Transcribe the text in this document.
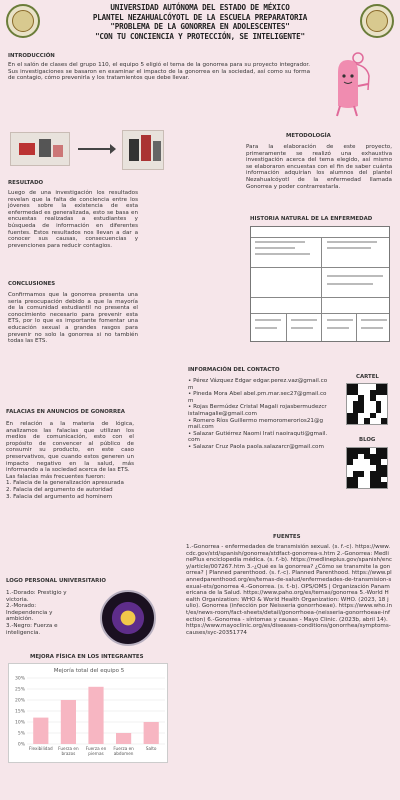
UNIVERSIDAD AUTÓNOMA DEL ESTADO DE MÉXICO
PLANTEL NEZAHUALCÓYOTL DE LA ESCUELA PREPARATORIA
"PROBLEMA DE LA GONORREA EN ADOLESCENTES"
"CON TU CONCIENCIA Y PROTECCIÓN, SE INTELIGENTE"
INTRODUCCIÓN
En el salón de clases del grupo 110, el equipo 5 eligió el tema de la gonorrea para su proyecto integrador. Sus investigaciones se basaron en examinar el impacto de la gonorrea en la sociedad, así como su forma de contagio, cómo prevenirla y los tratamientos que debe llevar.
METODOLOGÍA
Para la elaboración de este proyecto, primeramente se realizó una exhaustiva investigación acerca del tema elegido, así mismo se elaboraron encuestas con el fin de saber cuánta información adquirían los alumnos del plantel Nezahualcóyotl de la enfermedad llamada Gonorrea y poder contrarrestarla.
RESULTADO
Luego de una investigación los resultados revelan que la falta de conciencia entre los jóvenes sobre la existencia de esta enfermedad es generalizada, esto se basa en encuestas realizadas a estudiantes y búsqueda de información en diferentes fuentes. Estos resultados nos llevan a dar a conocer sus causas, consecuencias y prevenciones para reducir contagios.
HISTORIA NATURAL DE LA ENFERMEDAD
CONCLUSIONES
Confirmamos que la gonorrea presenta una seria preocupación debido a que la mayoría de la comunidad estudiantil no presenta el conocimiento necesario para prevenir esta ETS, por lo que es importante fomentar una educación sexual a grandes rasgos para prevenir no solo la gonorrea si no también todas las ETS.
INFORMACIÓN DEL CONTACTO
• Pérez Vázquez Edgar edgar.perez.vaz@gmail.com
• Pineda Mora Abel abel.pm.mar.sec27@gmail.com
• Rojas Bermúdez Cristal Magali rojasbermudezcristalmagalie@gmail.com
• Romero Ríos Guillermo memoromerorios21@gmail.com
• Salazar Gutiérrez Naomi Iratí naoiraquti@gmail.com
• Salazar Cruz Paola paola.salazarcr@gmail.com
CARTEL
BLOG
FALACIAS EN ANUNCIOS DE GONORREA
En relación a la materia de lógica, analizamos las falacias que utilizan los medios de comunicación, esto con el propósito de convencer al público de consumir su producto, en este caso preservativos, que cuando estos generen un impacto negativo en la salud, más informando a la sociedad acerca de las ETS.
Las falacias más frecuentes fueron:
1. Falacia de la generalización apresurada
2. Falacia del argumento de autoridad
3. Falacia del argumento ad hominem
LOGO PERSONAL UNIVERSITARIO
1.-Dorado: Prestigio y victoria.
2.-Morado: Independencia y ambición.
3.-Negro: Fuerza e inteligencia.
FUENTES
1.-Gonorrea - enfermedades de transmisión sexual. (s. f.-c). https://www.cdc.gov/std/spanish/gonorrea/stdfact-gonorrea-s.htm 2.-Gonorrea: MedlinePlus enciclopedia médica. (s. f.-b). https://medlineplus.gov/spanish/ency/article/007267.htm 3.-¿Qué es la gonorrea? ¿Cómo se transmite la gonorrea? | Planned parenthood. (s. f.-c). Planned Parenthood. https://www.plannedparenthood.org/es/temas-de-salud/enfermedades-de-transmision-sexual-ets/gonorrea 4.-Gonorrea. (s. f.-b). OPS/OMS | Organización Panamericana de la Salud. https://www.paho.org/es/temas/gonorrea 5.-World Health Organization: WHO & World Health Organization: WHO. (2023, 18 julio). Gonorrea (infección por Neisseria gonorrhoeae). https://www.who.int/es/news-room/fact-sheets/detail/gonorrhoea-(neisseria-gonorrhoeae-infection) 6.-Gonorrea - síntomas y causas - Mayo Clinic. (2023b, abril 14). https://www.mayoclinic.org/es/diseases-conditions/gonorrhea/symptoms-causes/syc-20351774
MEJORA FÍSICA EN LOS INTEGRANTES
Mejoría total del equipo 5
0%
5%
10%
15%
20%
25%
30%
Flexibilidad Fuerza en
brazos
Fuerza en
piernas
Fuerza en
abdomen
Salto
